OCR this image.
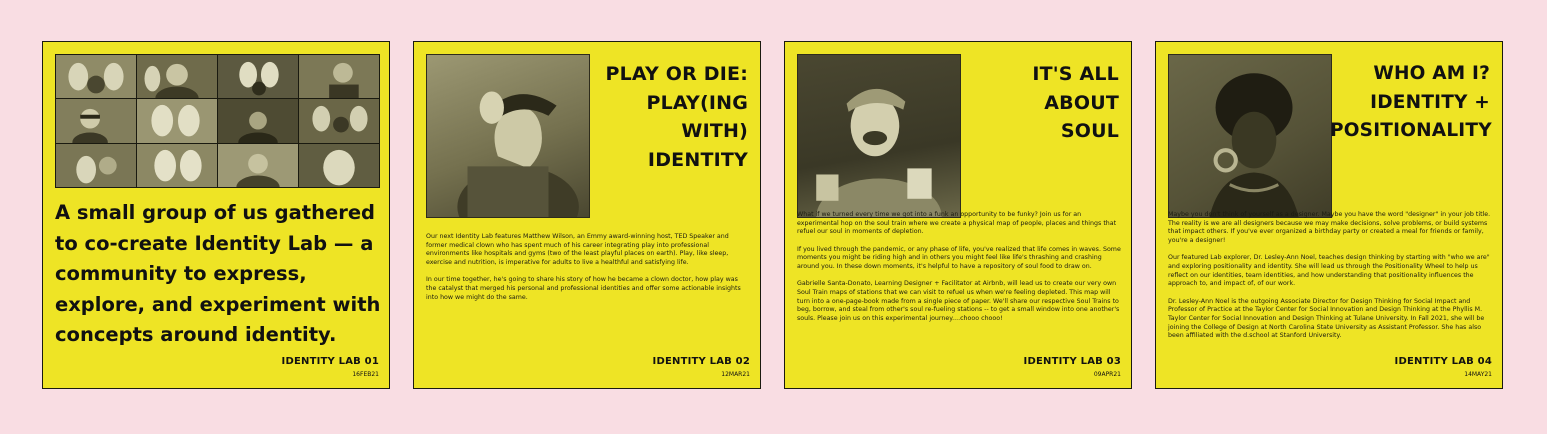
A small group of us gathered to co-create Identity Lab — a community to express, explore, and experiment with concepts around identity.

IDENTITY LAB 01
16FEB21
PLAY OR DIE:
PLAY(ING
WITH)
IDENTITY

Our next Identity Lab features Matthew Wilson, an Emmy award-winning host, TED Speaker and former medical clown who has spent much of his career integrating play into professional environments like hospitals and gyms (two of the least playful places on earth). Play, like sleep, exercise and nutrition, is imperative for adults to live a healthful and satisfying life.

In our time together, he's going to share his story of how he became a clown doctor, how play was the catalyst that merged his personal and professional identities and offer some actionable insights into how we might do the same.

IDENTITY LAB 02
12MAR21
IT'S ALL
ABOUT
SOUL

What if we turned every time we got into a funk an opportunity to be funky? Join us for an experimental hop on the soul train where we create a physical map of people, places and things that refuel our soul in moments of depletion.

If you lived through the pandemic, or any phase of life, you've realized that life comes in waves. Some moments you might be riding high and in others you might feel like life's thrashing and crashing around you. In these down moments, it's helpful to have a repository of soul food to draw on.

Gabrielle Santa-Donato, Learning Designer + Facilitator at Airbnb, will lead us to create our very own Soul Train maps of stations that we can visit to refuel us when we're feeling depleted. This map will turn into a one-page-book made from a single piece of paper. We'll share our respective Soul Trains to beg, borrow, and steal from other's soul re-fueling stations -- to get a small window into one another's souls. Please join us on this experimental journey....chooo chooo!

IDENTITY LAB 03
09APR21
WHO AM I?
IDENTITY +
POSITIONALITY

Maybe you don't think of yourself as a designer. Maybe you have the word "designer" in your job title. The reality is we are all designers because we may make decisions, solve problems, or build systems that impact others. If you've ever organized a birthday party or created a meal for friends or family, you're a designer!

Our featured Lab explorer, Dr. Lesley-Ann Noel, teaches design thinking by starting with "who we are" and exploring positionality and identity. She will lead us through the Positionality Wheel to help us reflect on our identities, team identities, and how understanding that positionality influences the approach to, and impact of, of our work.

Dr. Lesley-Ann Noel is the outgoing Associate Director for Design Thinking for Social Impact and Professor of Practice at the Taylor Center for Social Innovation and Design Thinking at the Phyllis M. Taylor Center for Social Innovation and Design Thinking at Tulane University. In Fall 2021, she will be joining the College of Design at North Carolina State University as Assistant Professor. She has also been affiliated with the d.school at Stanford University.

IDENTITY LAB 04
14MAY21
